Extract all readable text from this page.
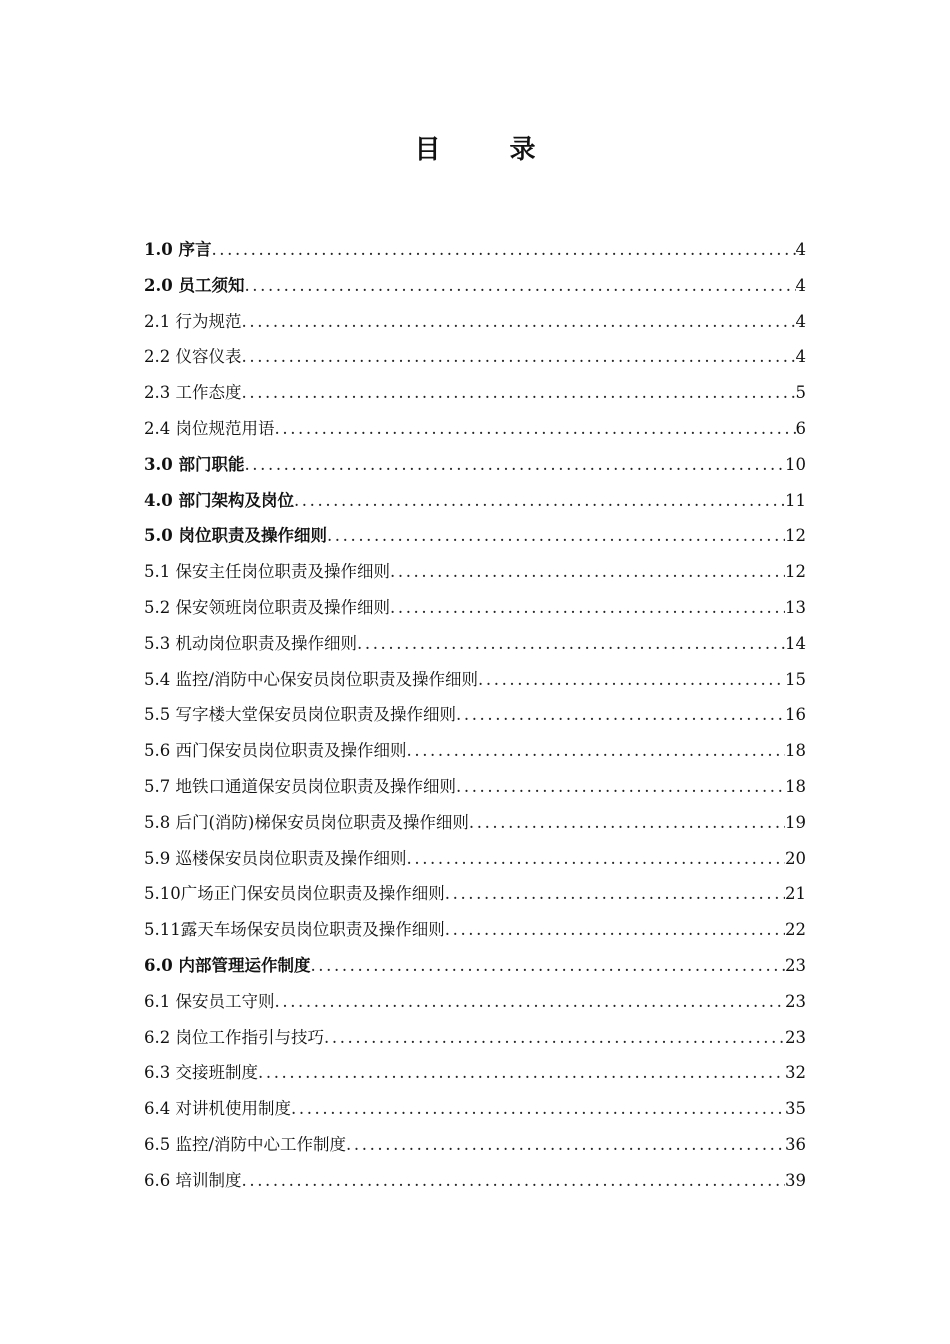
目 录
1.0 序言 .....	4
2.0 员工须知 .....	4
2.1 行为规范 .....	4
2.2 仪容仪表 .....	4
2.3 工作态度 .....	5
2.4 岗位规范用语 .....	6
3.0 部门职能 .....	10
4.0 部门架构及岗位 .....	11
5.0 岗位职责及操作细则 .....	12
5.1 保安主任岗位职责及操作细则 .....	12
5.2 保安领班岗位职责及操作细则 .....	13
5.3 机动岗位职责及操作细则 .....	14
5.4 监控/消防中心保安员岗位职责及操作细则 .....	15
5.5 写字楼大堂保安员岗位职责及操作细则 .....	16
5.6 西门保安员岗位职责及操作细则 .....	18
5.7 地铁口通道保安员岗位职责及操作细则 .....	18
5.8 后门(消防)梯保安员岗位职责及操作细则 .....	19
5.9 巡楼保安员岗位职责及操作细则 .....	20
5.10广场正门保安员岗位职责及操作细则 .....	21
5.11露天车场保安员岗位职责及操作细则 .....	22
6.0 内部管理运作制度 .....	23
6.1 保安员工守则 .....	23
6.2 岗位工作指引与技巧 .....	23
6.3 交接班制度 .....	32
6.4 对讲机使用制度 .....	35
6.5 监控/消防中心工作制度 .....	36
6.6 培训制度 .....	39
